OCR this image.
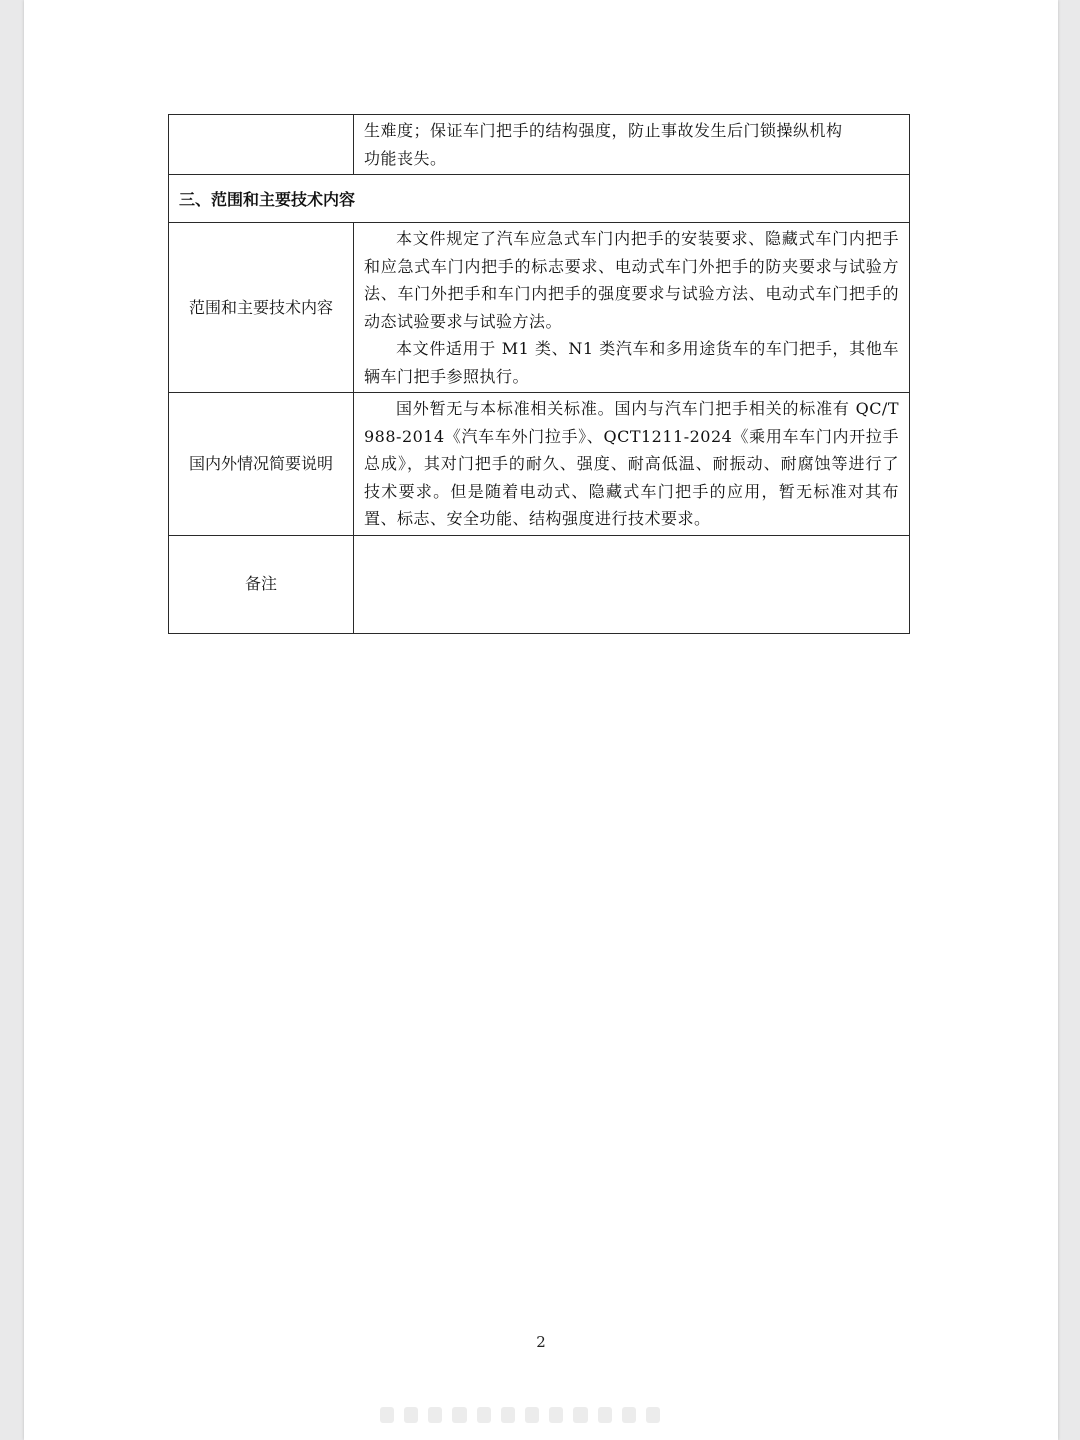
	生难度；保证车门把手的结构强度，防止事故发生后门锁操纵机构

功能丧失。

三、范围和主要技术内容	
范围和主要技术内容	本文件规定了汽车应急式车门内把手的安装要求、隐藏式车门内把手和应急式车门内把手的标志要求、电动式车门外把手的防夹要求与试验方法、车门外把手和车门内把手的强度要求与试验方法、电动式车门把手的动态试验要求与试验方法。

本文件适用于 M1 类、N1 类汽车和多用途货车的车门把手，其他车辆车门把手参照执行。

国内外情况简要说明	国外暂无与本标准相关标准。国内与汽车门把手相关的标准有 QC/T 988-2014《汽车车外门拉手》、QCT1211-2024《乘用车车门内开拉手总成》，其对门把手的耐久、强度、耐高低温、耐振动、耐腐蚀等进行了技术要求。但是随着电动式、隐藏式车门把手的应用，暂无标准对其布置、标志、安全功能、结构强度进行技术要求。

备注	
2
